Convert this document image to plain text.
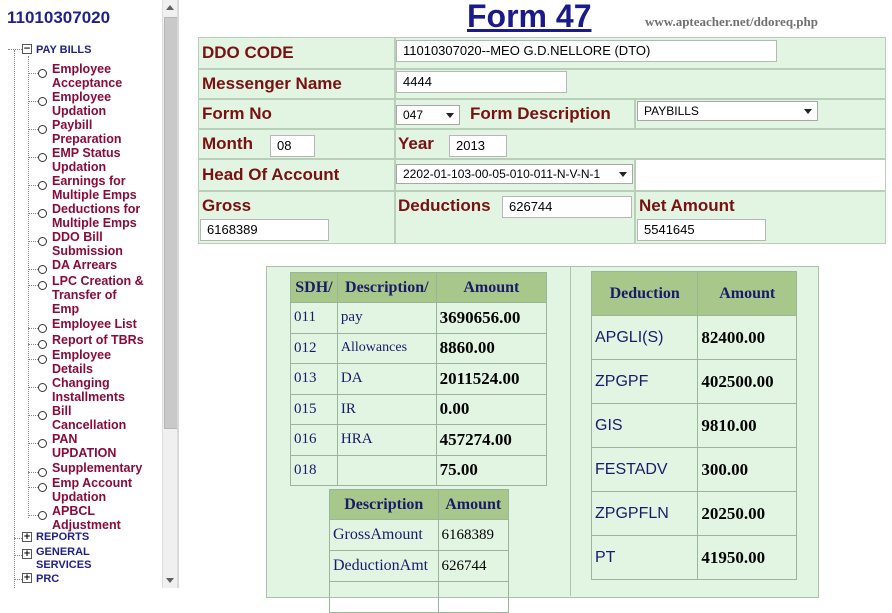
11010307020
− PAY BILLS
Employee
Acceptance
Employee
Updation
Paybill
Preparation
EMP Status
Updation
Earnings for
Multiple Emps
Deductions for
Multiple Emps
DDO Bill
Submission
DA Arrears
LPC Creation &
Transfer of
Emp
Employee List
Report of TBRs
Employee
Details
Changing
Installments
Bill
Cancellation
PAN
UPDATION
Supplementary
Emp Account
Updation
APBCL
Adjustment
+ REPORTS
+ GENERAL
SERVICES
+ PRC
Form 47	www.apteacher.net/ddoreq.php
DDO CODE	11010307020--MEO G.D.NELLORE (DTO)
Messenger Name	4444
Form No	047	Form Description	PAYBILLS
Month	08	Year	2013
Head Of Account	2202-01-103-00-05-010-011-N-V-N-1
Gross
6168389
Deductions	626744	Net Amount
5541645
SDH/	Description/	Amount
011	pay	3690656.00
012	Allowances	8860.00
013	DA	2011524.00
015	IR	0.00
016	HRA	457274.00
018		75.00
Description	Amount
GrossAmount	6168389
DeductionAmt	626744

Deduction	Amount
APGLI(S)	82400.00
ZPGPF	402500.00
GIS	9810.00
FESTADV	300.00
ZPGPFLN	20250.00
PT	41950.00
